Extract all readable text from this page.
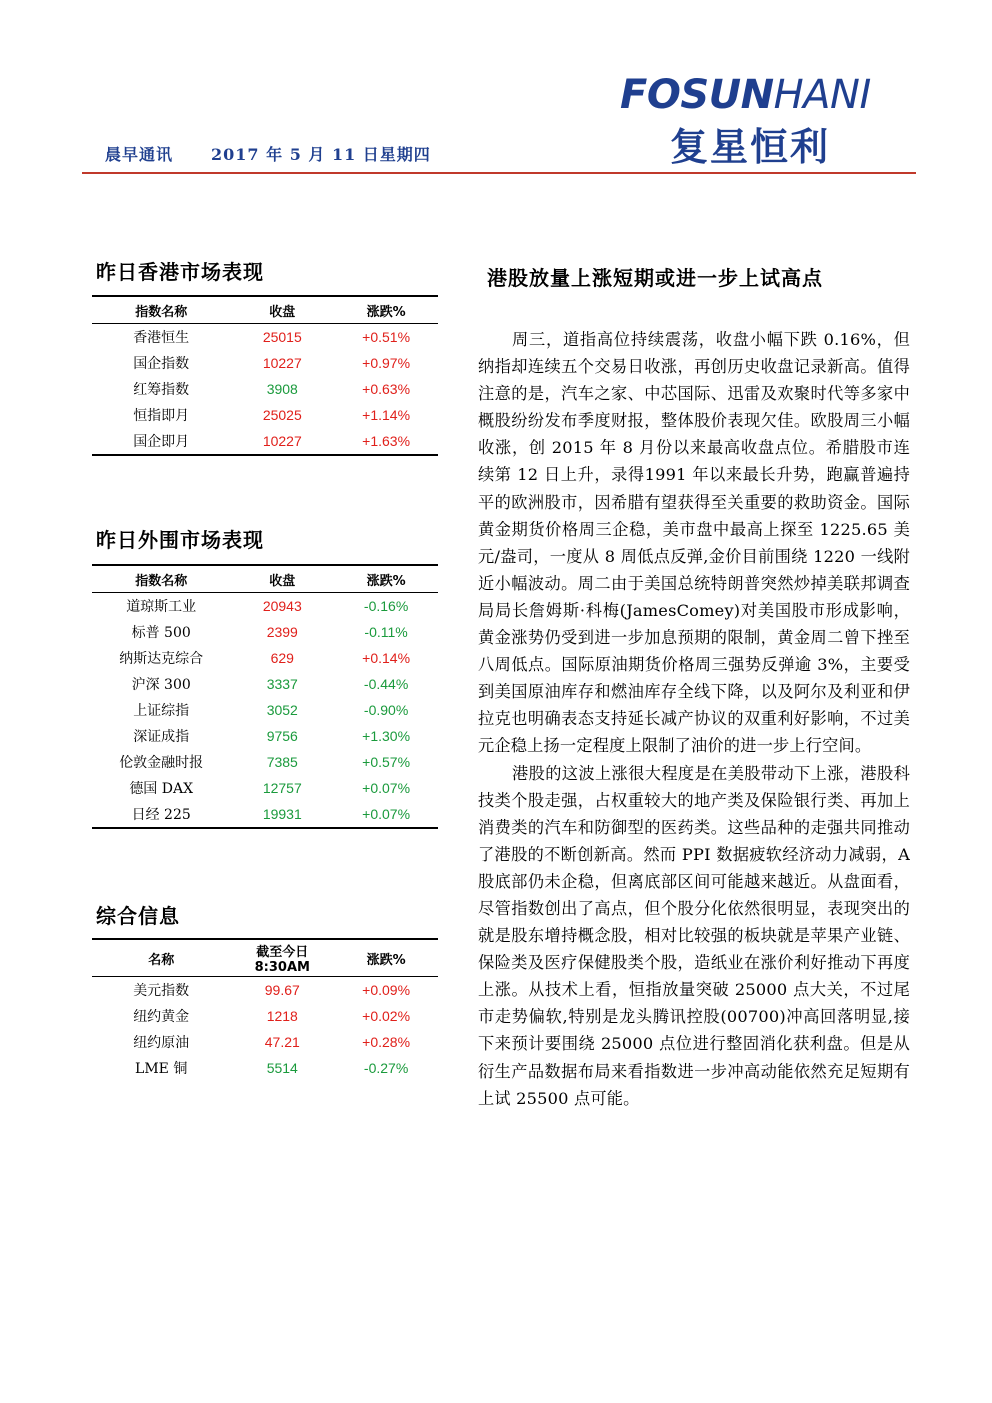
晨早通讯 2017 年 5 月 11 日星期四
FOSUNHANI
复星恒利
昨日香港市场表现
指数名称	收盘	涨跌%
香港恒生	25015	+0.51%
国企指数	10227	+0.97%
红筹指数	3908	+0.63%
恒指即月	25025	+1.14%
国企即月	10227	+1.63%
昨日外围市场表现
指数名称	收盘	涨跌%
道琼斯工业	20943	-0.16%
标普 500	2399	-0.11%
纳斯达克综合	629	+0.14%
沪深 300	3337	-0.44%
上证综指	3052	-0.90%
深证成指	9756	+1.30%
伦敦金融时报	7385	+0.57%
德国 DAX	12757	+0.07%
日经 225	19931	+0.07%
综合信息
名称	截至今日 8:30AM	涨跌%
美元指数	99.67	+0.09%
纽约黄金	1218	+0.02%
纽约原油	47.21	+0.28%
LME 铜	5514	-0.27%
港股放量上涨短期或进一步上试高点

周三，道指高位持续震荡，收盘小幅下跌 0.16%，但纳指却连续五个交易日收涨，再创历史收盘记录新高。值得注意的是，汽车之家、中芯国际、迅雷及欢聚时代等多家中概股纷纷发布季度财报，整体股价表现欠佳。欧股周三小幅收涨，创 2015 年 8 月份以来最高收盘点位。希腊股市连续第 12 日上升，录得1991 年以来最长升势，跑赢普遍持平的欧洲股市，因希腊有望获得至关重要的救助资金。国际黄金期货价格周三企稳，美市盘中最高上探至 1225.65 美元/盎司，一度从 8 周低点反弹,金价目前围绕 1220 一线附近小幅波动。周二由于美国总统特朗普突然炒掉美联邦调查局局长詹姆斯·科梅(JamesComey)对美国股市形成影响，黄金涨势仍受到进一步加息预期的限制，黄金周二曾下挫至八周低点。国际原油期货价格周三强势反弹逾 3%，主要受到美国原油库存和燃油库存全线下降，以及阿尔及利亚和伊拉克也明确表态支持延长减产协议的双重利好影响，不过美元企稳上扬一定程度上限制了油价的进一步上行空间。

港股的这波上涨很大程度是在美股带动下上涨，港股科技类个股走强，占权重较大的地产类及保险银行类、再加上消费类的汽车和防御型的医药类。这些品种的走强共同推动了港股的不断创新高。然而 PPI 数据疲软经济动力减弱，A 股底部仍未企稳，但离底部区间可能越来越近。从盘面看，尽管指数创出了高点，但个股分化依然很明显，表现突出的就是股东增持概念股，相对比较强的板块就是苹果产业链、保险类及医疗保健股类个股，造纸业在涨价利好推动下再度上涨。从技术上看，恒指放量突破 25000 点大关，不过尾市走势偏软,特别是龙头腾讯控股(00700)冲高回落明显,接下来预计要围绕 25000 点位进行整固消化获利盘。但是从衍生产品数据布局来看指数进一步冲高动能依然充足短期有上试 25500 点可能。
